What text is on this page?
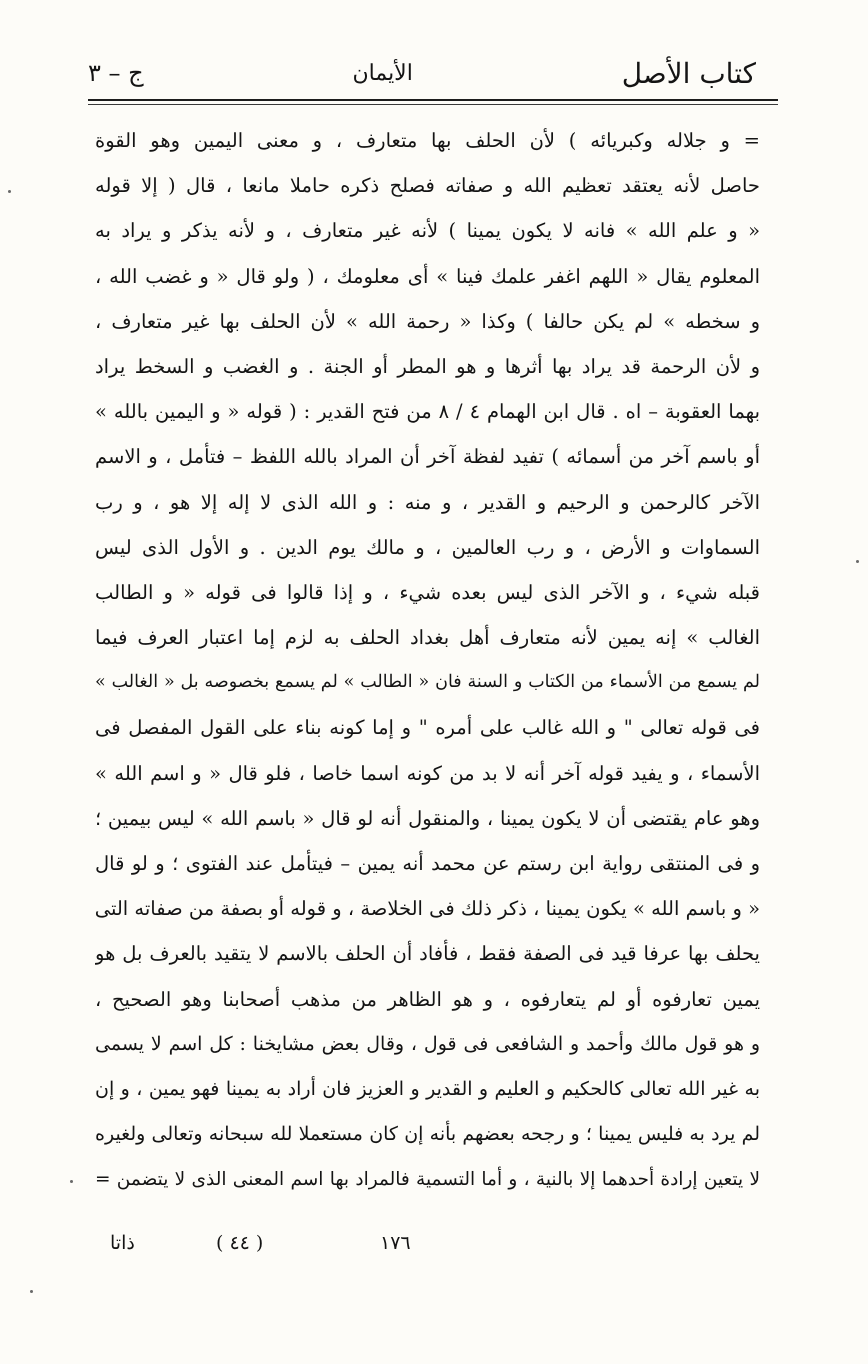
كتاب الأصل
الأيمان
ج – ٣
= و جلاله وكبريائه ) لأن الحلف بها متعارف ، و معنى اليمين وهو القوة
حاصل لأنه يعتقد تعظيم الله و صفاته فصلح ذكره حاملا مانعا ، قال ( إلا قوله
« و علم الله » فانه لا يكون يمينا ) لأنه غير متعارف ، و لأنه يذكر و يراد به
المعلوم يقال « اللهم اغفر علمك فينا » أى معلومك ، ( ولو قال « و غضب الله ،
و سخطه » لم يكن حالفا ) وكذا « رحمة الله » لأن الحلف بها غير متعارف ،
و لأن الرحمة قد يراد بها أثرها و هو المطر أو الجنة . و الغضب و السخط يراد
بهما العقوبة – اه . قال ابن الهمام ٤ / ٨ من فتح القدير : ( قوله « و اليمين بالله »
أو باسم آخر من أسمائه ) تفيد لفظة آخر أن المراد بالله اللفظ – فتأمل ، و الاسم
الآخر كالرحمن و الرحيم و القدير ، و منه : و الله الذى لا إله إلا هو ، و رب
السماوات و الأرض ، و رب العالمين ، و مالك يوم الدين . و الأول الذى ليس
قبله شيء ، و الآخر الذى ليس بعده شيء ، و إذا قالوا فى قوله « و الطالب
الغالب » إنه يمين لأنه متعارف أهل بغداد الحلف به لزم إما اعتبار العرف فيما
لم يسمع من الأسماء من الكتاب و السنة فان « الطالب » لم يسمع بخصوصه بل « الغالب »
فى قوله تعالى " و الله غالب على أمره " و إما كونه بناء على القول المفصل فى
الأسماء ، و يفيد قوله آخر أنه لا بد من كونه اسما خاصا ، فلو قال « و اسم الله »
وهو عام يقتضى أن لا يكون يمينا ، والمنقول أنه لو قال « باسم الله » ليس بيمين ؛
و فى المنتقى رواية ابن رستم عن محمد أنه يمين – فيتأمل عند الفتوى ؛ و لو قال
« و باسم الله » يكون يمينا ، ذكر ذلك فى الخلاصة ، و قوله أو بصفة من صفاته التى
يحلف بها عرفا قيد فى الصفة فقط ، فأفاد أن الحلف بالاسم لا يتقيد بالعرف بل هو
يمين تعارفوه أو لم يتعارفوه ، و هو الظاهر من مذهب أصحابنا وهو الصحيح ،
و هو قول مالك وأحمد و الشافعى فى قول ، وقال بعض مشايخنا : كل اسم لا يسمى
به غير الله تعالى كالحكيم و العليم و القدير و العزيز فان أراد به يمينا فهو يمين ، و إن
لم يرد به فليس يمينا ؛ و رجحه بعضهم بأنه إن كان مستعملا لله سبحانه وتعالى ولغيره
لا يتعين إرادة أحدهما إلا بالنية ، و أما التسمية فالمراد بها اسم المعنى الذى لا يتضمن =
ذاتا	( ٤٤ )	١٧٦
